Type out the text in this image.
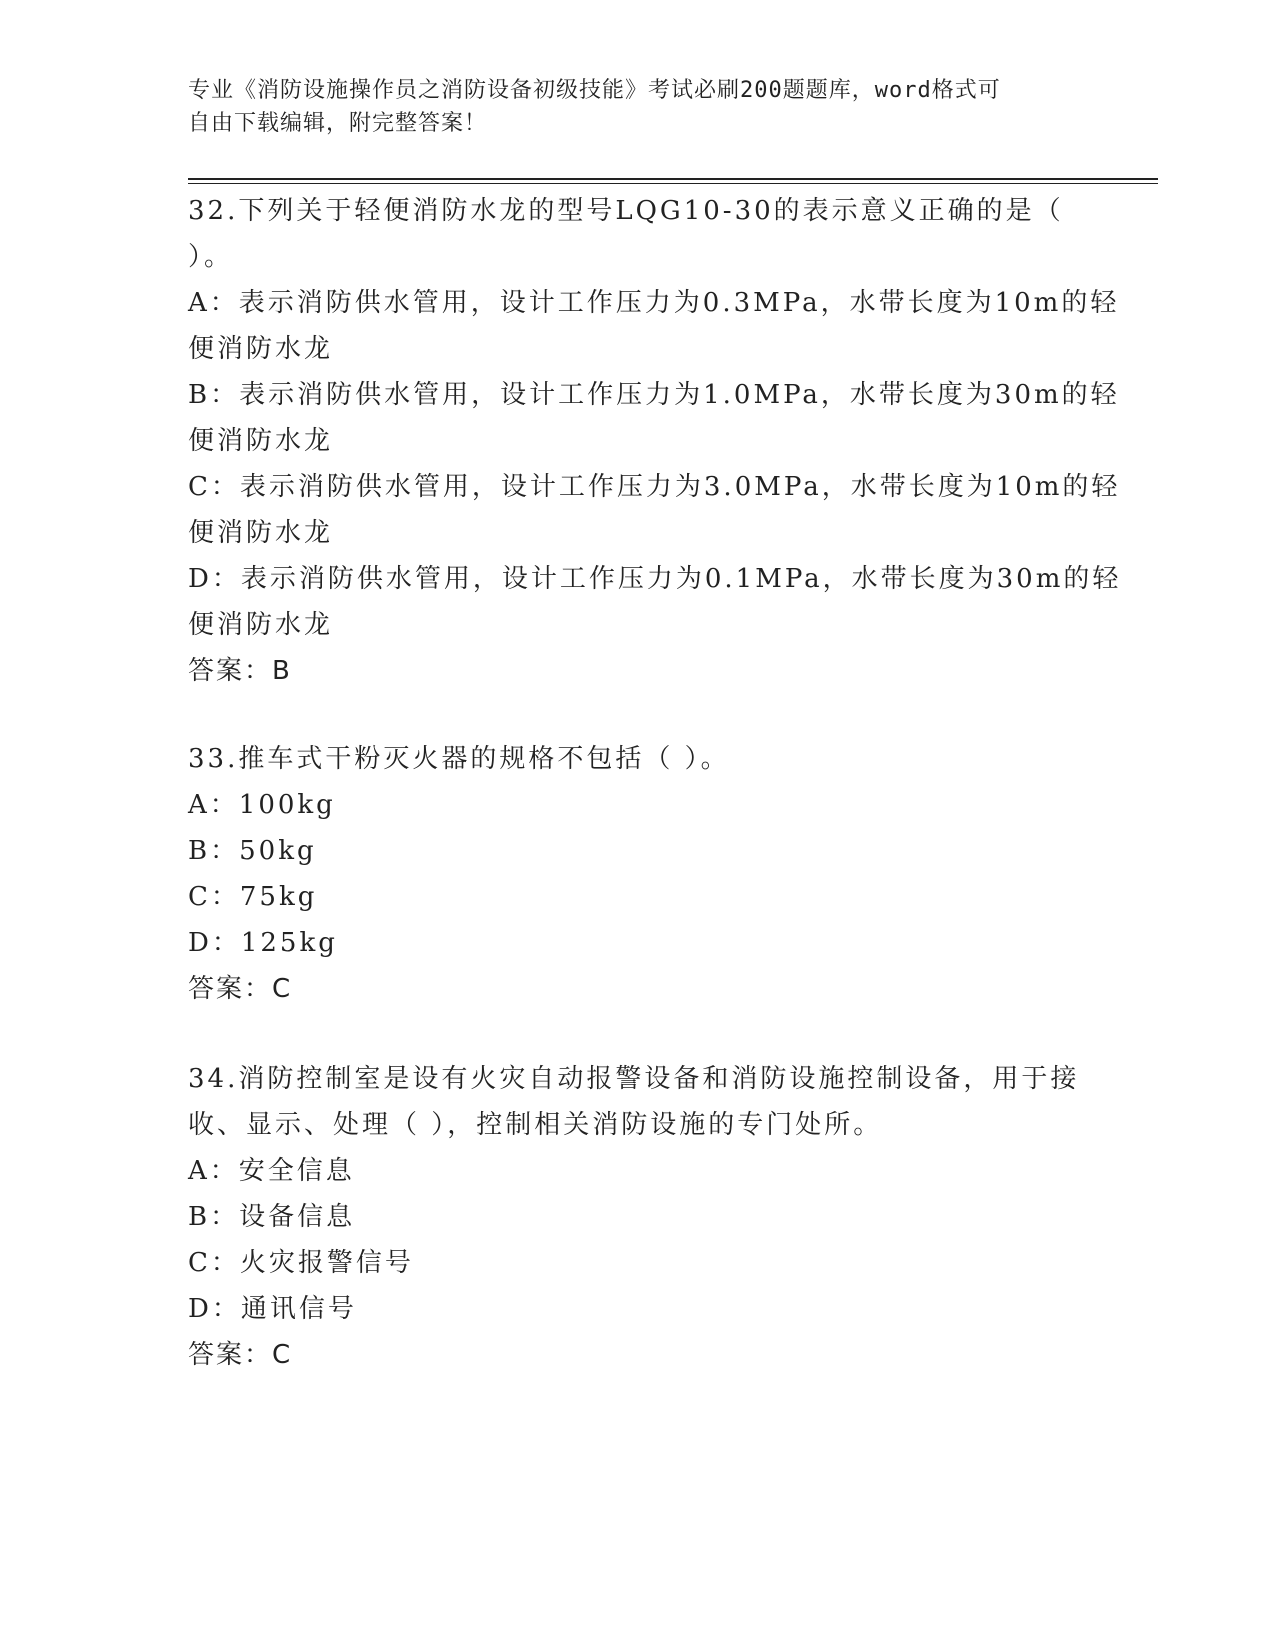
专业《消防设施操作员之消防设备初级技能》考试必刷200题题库，word格式可
自由下载编辑，附完整答案！
32.下列关于轻便消防水龙的型号LQG10-30的表示意义正确的是（
）。
A：表示消防供水管用，设计工作压力为0.3MPa，水带长度为10m的轻
便消防水龙
B：表示消防供水管用，设计工作压力为1.0MPa，水带长度为30m的轻
便消防水龙
C：表示消防供水管用，设计工作压力为3.0MPa，水带长度为10m的轻
便消防水龙
D：表示消防供水管用，设计工作压力为0.1MPa，水带长度为30m的轻
便消防水龙
答案：B
33.推车式干粉灭火器的规格不包括（ ）。
A：100kg
B：50kg
C：75kg
D：125kg
答案：C
34.消防控制室是设有火灾自动报警设备和消防设施控制设备，用于接
收、显示、处理（ ），控制相关消防设施的专门处所。
A：安全信息
B：设备信息
C：火灾报警信号
D：通讯信号
答案：C
